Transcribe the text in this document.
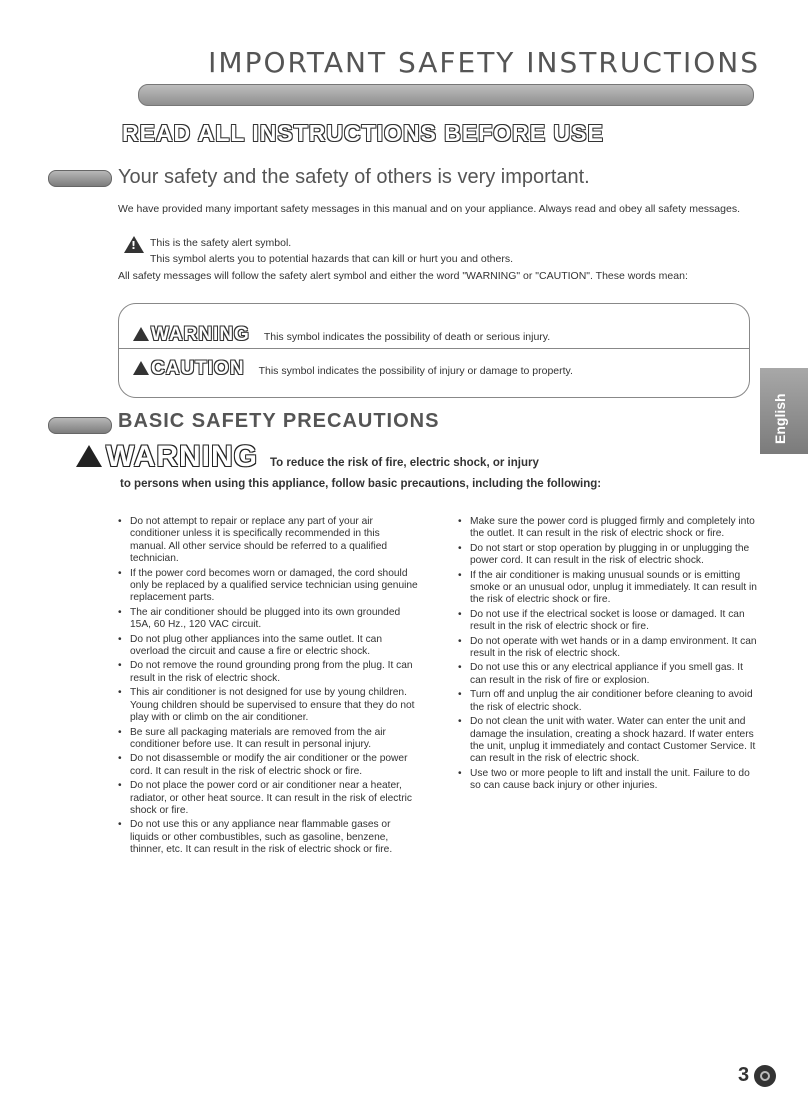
IMPORTANT SAFETY INSTRUCTIONS
READ ALL INSTRUCTIONS BEFORE USE
Your safety and the safety of others is very important.
We have provided many important safety messages in this manual and on your appliance. Always read and obey all safety messages.
!
This is the safety alert symbol.
This symbol alerts you to potential hazards that can kill or hurt you and others.
All safety messages will follow the safety alert symbol and either the word "WARNING" or "CAUTION". These words mean:
WARNING This symbol indicates the possibility of death or serious injury.
CAUTION This symbol indicates the possibility of injury or damage to property.
BASIC SAFETY PRECAUTIONS
WARNING To reduce the risk of fire, electric shock, or injury
to persons when using this appliance, follow basic precautions, including the following:
• Do not attempt to repair or replace any part of your air conditioner unless it is specifically recommended in this manual. All other service should be referred to a qualified technician.
• If the power cord becomes worn or damaged, the cord should only be replaced by a qualified service technician using genuine replacement parts.
• The air conditioner should be plugged into its own grounded 15A, 60 Hz., 120 VAC circuit.
• Do not plug other appliances into the same outlet. It can overload the circuit and cause a fire or electric shock.
• Do not remove the round grounding prong from the plug. It can result in the risk of electric shock.
• This air conditioner is not designed for use by young children. Young children should be supervised to ensure that they do not play with or climb on the air conditioner.
• Be sure all packaging materials are removed from the air conditioner before use. It can result in personal injury.
• Do not disassemble or modify the air conditioner or the power cord. It can result in the risk of electric shock or fire.
• Do not place the power cord or air conditioner near a heater, radiator, or other heat source. It can result in the risk of electric shock or fire.
• Do not use this or any appliance near flammable gases or liquids or other combustibles, such as gasoline, benzene, thinner, etc. It can result in the risk of electric shock or fire.
• Make sure the power cord is plugged firmly and completely into the outlet. It can result in the risk of electric shock or fire.
• Do not start or stop operation by plugging in or unplugging the power cord. It can result in the risk of electric shock.
• If the air conditioner is making unusual sounds or is emitting smoke or an unusual odor, unplug it immediately. It can result in the risk of electric shock or fire.
• Do not use if the electrical socket is loose or damaged. It can result in the risk of electric shock or fire.
• Do not operate with wet hands or in a damp environment. It can result in the risk of electric shock.
• Do not use this or any electrical appliance if you smell gas. It can result in the risk of fire or explosion.
• Turn off and unplug the air conditioner before cleaning to avoid the risk of electric shock.
• Do not clean the unit with water. Water can enter the unit and damage the insulation, creating a shock hazard. If water enters the unit, unplug it immediately and contact Customer Service. It can result in the risk of electric shock.
• Use two or more people to lift and install the unit. Failure to do so can cause back injury or other injuries.
English
3
